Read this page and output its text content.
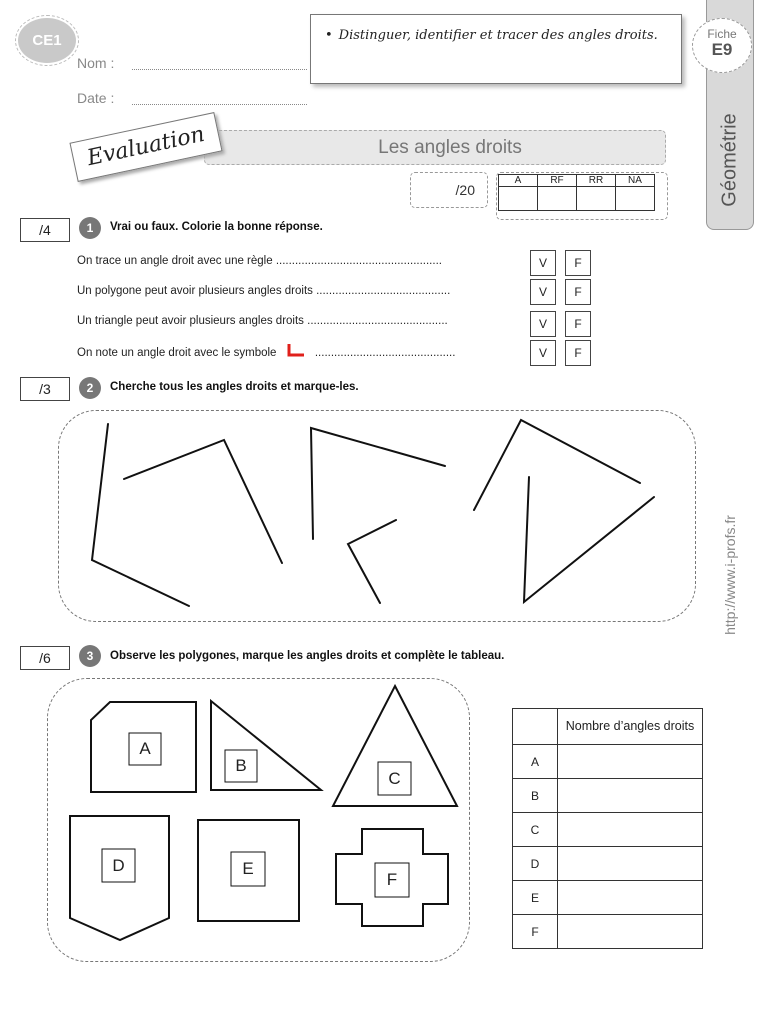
CE1
Nom :
Date :
• Distinguer, identifier et tracer des angles droits.
Géométrie
Fiche
E9
http://www.i-profs.fr
Les angles droits
Evaluation
/20
A	RF	RR	NA

/4	1	Vrai ou faux. Colorie la bonne réponse.
On trace un angle droit avec une règle ....................................................	V	F
Un polygone peut avoir plusieurs angles droits ..........................................	V	F
Un triangle peut avoir plusieurs angles droits ............................................	V	F
On note un angle droit avec le symbole	............................................	V	F
/3	2	Cherche tous les angles droits et marque-les.
/6	3	Observe les polygones, marque les angles droits et complète le tableau.
A
B
C
D	E
F
	Nombre d’angles droits
A	
B	
C	
D	
E	
F	
